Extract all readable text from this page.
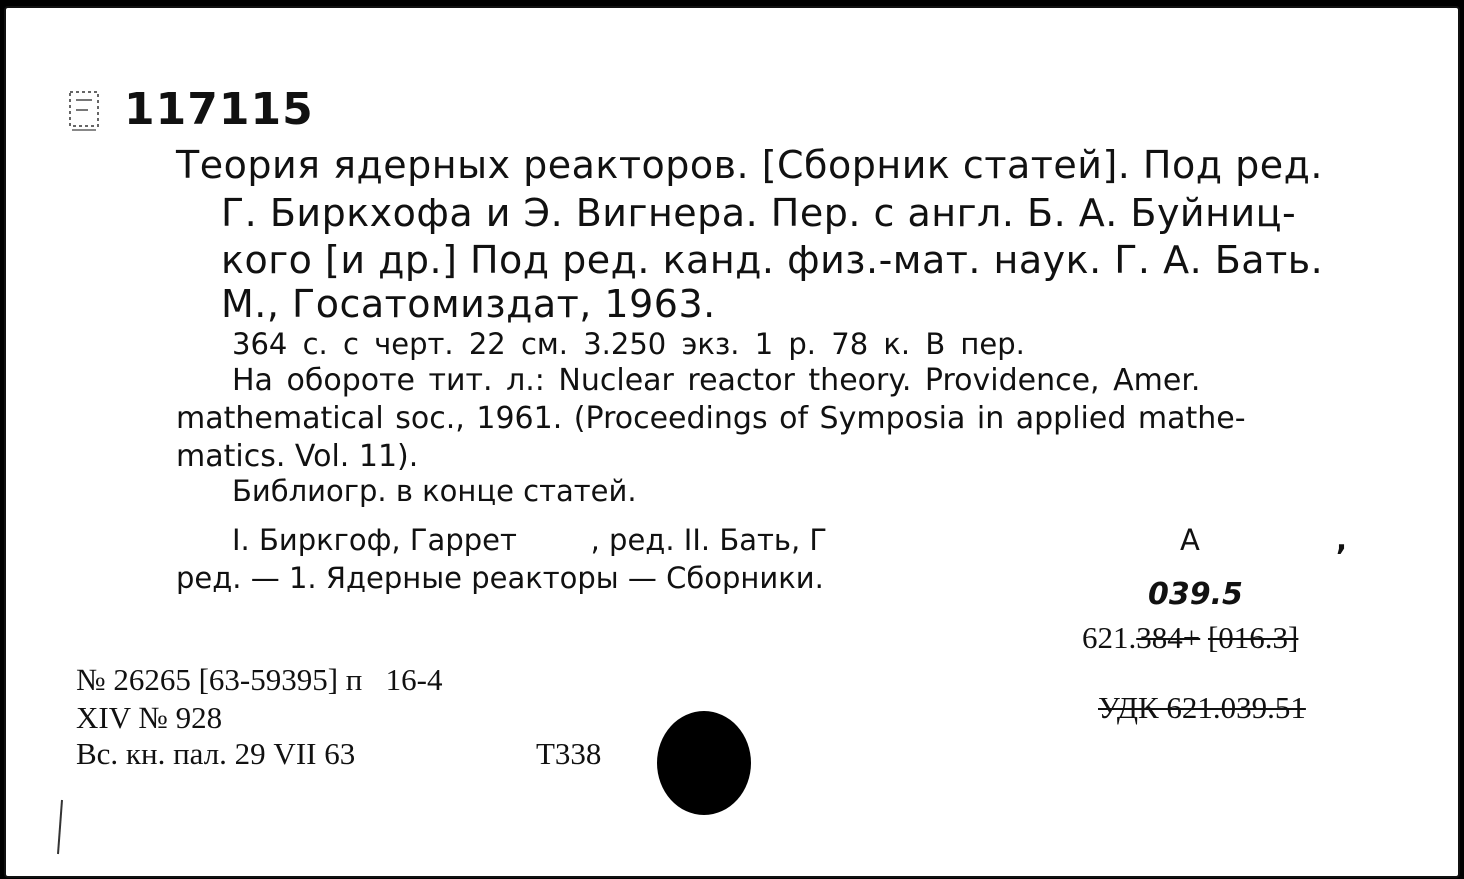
117115
Теория ядерных реакторов. [Сборник статей]. Под ред.
Г. Биркхофа и Э. Вигнера. Пер. с англ. Б. А. Буйниц-
кого [и др.] Под ред. канд. физ.-мат. наук. Г. А. Бать.
М., Госатомиздат, 1963.
364 с. с черт. 22 см. 3.250 экз. 1 р. 78 к. В пер.
На обороте тит. л.: Nuclear reactor theory. Providence, Amer.
mathematical soc., 1961. (Proceedings of Symposia in applied mathe-
matics. Vol. 11).
Библиогр. в конце статей.
I. Биркгоф, Гаррет        , ред. II. Бать, Г
ред. — 1. Ядерные реакторы — Сборники.
А	,
039.5
621.384+ [016.3]
УДК 621.039.51
№ 26265 [63-59395] п   16-4
XIV № 928
Вс. кн. пал. 29 VII 63	Т338
